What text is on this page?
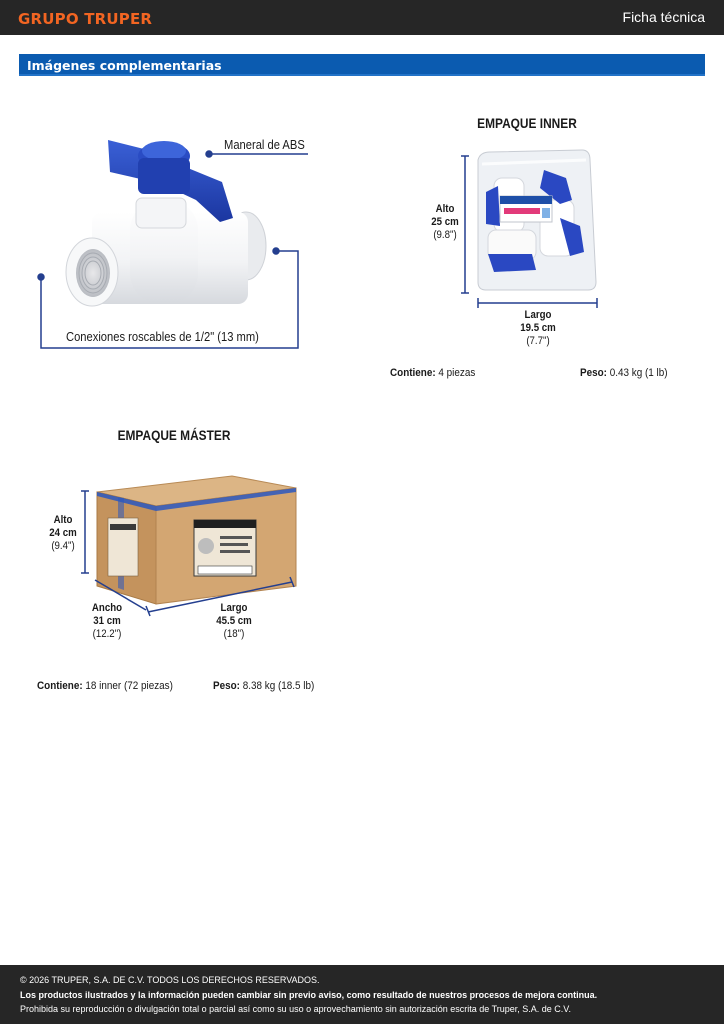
GRUPO TRUPER	Ficha técnica
Imágenes complementarias
Maneral de ABS
Conexiones roscables de 1/2" (13 mm)
EMPAQUE INNER
Alto
25 cm
(9.8")
Largo
19.5 cm
(7.7")
Contiene: 4 piezas	Peso: 0.43 kg (1 lb)
EMPAQUE MÁSTER
Alto
24 cm
(9.4")
Ancho
31 cm
(12.2")
Largo
45.5 cm
(18")
Contiene: 18 inner (72 piezas)	Peso: 8.38 kg (18.5 lb)
© 2026 TRUPER, S.A. DE C.V. TODOS LOS DERECHOS RESERVADOS.
Los productos ilustrados y la información pueden cambiar sin previo aviso, como resultado de nuestros procesos de mejora continua.
Prohibida su reproducción o divulgación total o parcial así como su uso o aprovechamiento sin autorización escrita de Truper, S.A. de C.V.
